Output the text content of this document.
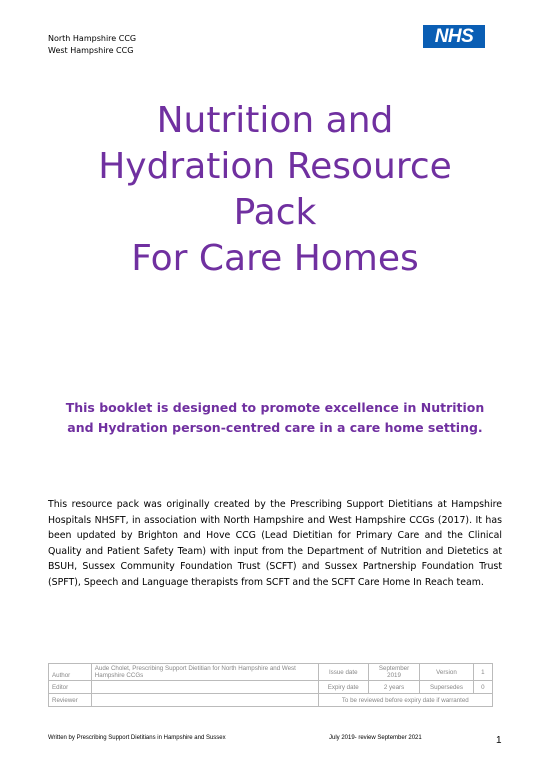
North Hampshire CCG
West Hampshire CCG
NHS
Nutrition and
Hydration Resource
Pack
For Care Homes
This booklet is designed to promote excellence in Nutrition and Hydration person-centred care in a care home setting.
This resource pack was originally created by the Prescribing Support Dietitians at Hampshire Hospitals NHSFT, in association with North Hampshire and West Hampshire CCGs (2017). It has been updated by Brighton and Hove CCG (Lead Dietitian for Primary Care and the Clinical Quality and Patient Safety Team) with input from the Department of Nutrition and Dietetics at BSUH, Sussex Community Foundation Trust (SCFT) and Sussex Partnership Foundation Trust (SPFT), Speech and Language therapists from SCFT and the SCFT Care Home In Reach team.
Author	Aude Cholet, Prescribing Support Dietitian for North Hampshire and West Hampshire CCGs	Issue date	September 2019	Version	1
Editor		Expiry date	2 years	Supersedes	0
Reviewer		To be reviewed before expiry date if warranted			
Written by Prescribing Support Dietitians in Hampshire and Sussex	July 2019- review September 2021	1
